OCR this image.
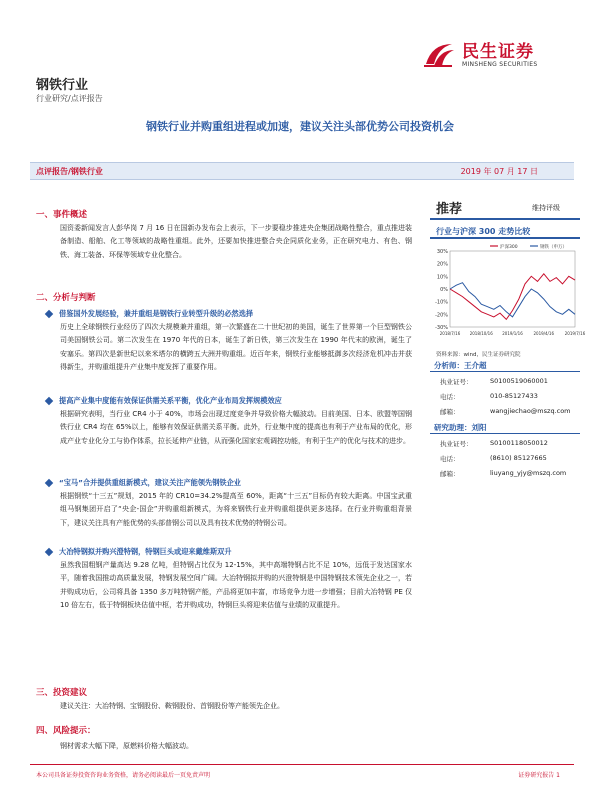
民生证券
MINSHENG SECURITIES
钢铁行业
行业研究/点评报告
钢铁行业并购重组进程或加速，建议关注头部优势公司投资机会
点评报告/钢铁行业	2019 年 07 月 17 日
一、事件概述
国资委新闻发言人彭华岗 7 月 16 日在国新办发布会上表示，下一步要稳步推进央企集团战略性整合，重点推进装备制造、船舶、化工等领域的战略性重组。此外，还要加快推进整合央企同质化业务，正在研究电力、有色、钢铁、海工装备、环保等领域专业化整合。
二、分析与判断
借鉴国外发展经验，兼并重组是钢铁行业转型升级的必然选择
历史上全球钢铁行业经历了四次大规模兼并重组，第一次繁盛在二十世纪初的美国，诞生了世界第一个巨型钢铁公司美国钢铁公司。第二次发生在 1970 年代的日本，诞生了新日铁，第三次发生在 1990 年代末的欧洲，诞生了安塞乐。第四次是新世纪以来米塔尔的横跨五大洲并购重组。近百年来，钢铁行业能够抵御多次经济危机冲击并获得新生，并购重组提升产业集中度发挥了重要作用。
提高产业集中度能有效保证供需关系平衡，优化产业布局发挥规模效应
根据研究表明，当行业 CR4 小于 40%，市场会出现过度竞争并导致价格大幅波动。目前美国、日本、欧盟等国钢铁行业 CR4 均在 65%以上，能够有效保证供需关系平衡。此外，行业集中度的提高也有利于产业布局的优化，形成产业专业化分工与协作体系，拉长延伸产业链，从而强化国家宏观调控功能，有利于生产的优化与技术的进步。
“宝马”合并提供重组新模式，建议关注产能领先钢铁企业
根据钢铁“十三五”规划，2015 年的 CR10=34.2%提高至 60%，距离“十三五”目标仍有较大距离。中国宝武重组马钢集团开启了“央企-国企”并购重组新模式，为将来钢铁行业并购重组提供更多选择。在行业并购重组背景下，建议关注具有产能优势的头部普钢公司以及具有技术优势的特钢公司。
大冶特钢拟并购兴澄特钢，特钢巨头或迎来戴维斯双升
虽然我国粗钢产量高达 9.28 亿吨，但特钢占比仅为 12-15%，其中高端特钢占比不足 10%，远低于发达国家水平，随着我国推动高质量发展，特钢发展空间广阔。大冶特钢拟并购的兴澄特钢是中国特钢技术领先企业之一，若并购成功后，公司将具备 1350 多万吨特钢产能，产品将更加丰富，市场竞争力进一步增强；目前大冶特钢 PE 仅 10 倍左右，低于特钢板块估值中枢，若并购成功，特钢巨头将迎来估值与业绩的双重提升。
三、投资建议
建议关注：大冶特钢、宝钢股份、鞍钢股份、首钢股份等产能领先企业。
四、风险提示：
钢材需求大幅下降，原燃料价格大幅波动。
推荐	维持评级
行业与沪深 300 走势比较
30%
20%
10%
0%
-10%
-20%
-30%
2018/7/16 2018/10/16 2019/1/16	2019/4/16	2019/7/16
沪深300	钢铁（申万）
资料来源：wind，民生证券研究院
分析师：王介超
执业证号：	S0100519060001
电话：	010-85127433
邮箱：	wangjiechao@mszq.com
研究助理：刘阳
执业证号：	S0100118050012
电话：	(8610) 85127665
邮箱：	liuyang_yjy@mszq.com
本公司具备证券投资咨询业务资格，请务必阅读最后一页免责声明	证券研究报告 1
